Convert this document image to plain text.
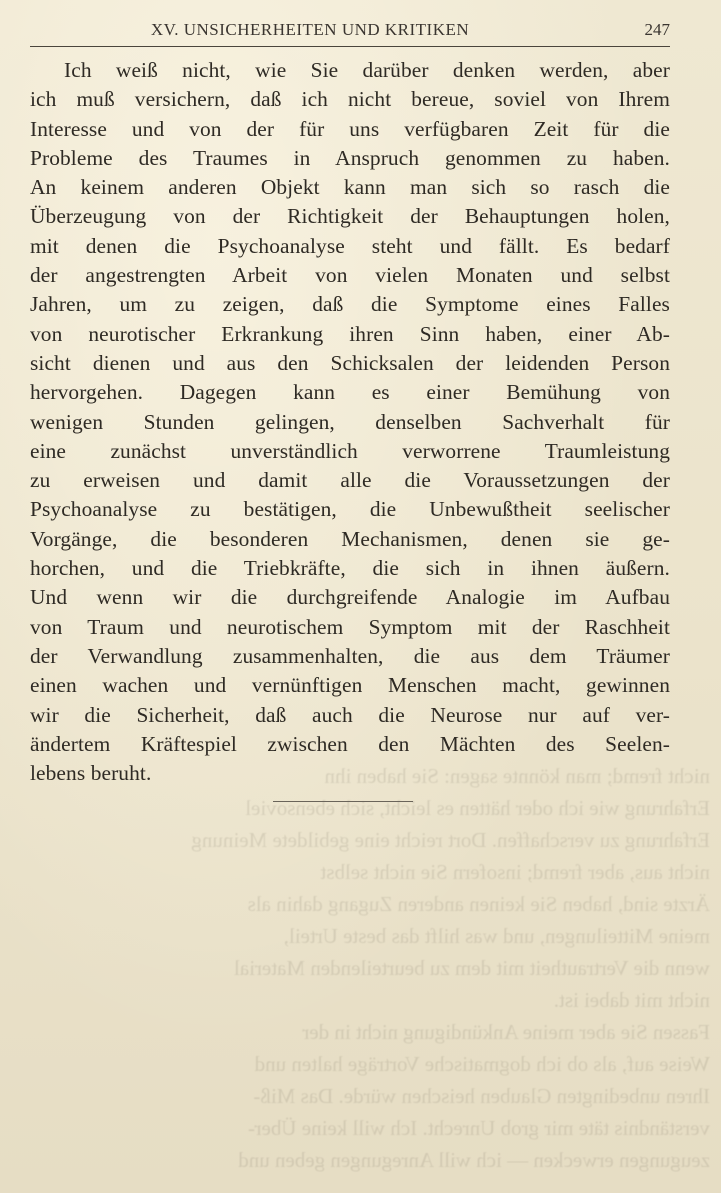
nicht fremd; man könnte sagen: Sie haben ihn

Erfahrung wie ich oder hätten es leicht, sich ebensoviel

Erfahrung zu verschaffen. Dort reicht eine gebildete Meinung

nicht aus, aber fremd; insofern Sie nicht selbst

Ärzte sind, haben Sie keinen anderen Zugang dahin als

meine Mitteilungen, und was hilft das beste Urteil,

wenn die Vertrautheit mit dem zu beurteilenden Material

nicht mit dabei ist.

Fassen Sie aber meine Ankündigung nicht in der

Weise auf, als ob ich dogmatische Vorträge halten und

Ihren unbedingten Glauben heischen würde. Das Miß-

verständnis täte mir grob Unrecht. Ich will keine Über-

zeugungen erwecken — ich will Anregungen geben und

XV. UNSICHERHEITEN UND KRITIKEN	247
Ich weiß nicht, wie Sie darüber denken werden, aber
ich muß versichern, daß ich nicht bereue, soviel von Ihrem
Interesse und von der für uns verfügbaren Zeit für die
Probleme des Traumes in Anspruch genommen zu haben.
An keinem anderen Objekt kann man sich so rasch die
Überzeugung von der Richtigkeit der Behauptungen holen,
mit denen die Psychoanalyse steht und fällt. Es bedarf
der angestrengten Arbeit von vielen Monaten und selbst
Jahren, um zu zeigen, daß die Symptome eines Falles
von neurotischer Erkrankung ihren Sinn haben, einer Ab-
sicht dienen und aus den Schicksalen der leidenden Person
hervorgehen. Dagegen kann es einer Bemühung von
wenigen Stunden gelingen, denselben Sachverhalt für
eine zunächst unverständlich verworrene Traumleistung
zu erweisen und damit alle die Voraussetzungen der
Psychoanalyse zu bestätigen, die Unbewußtheit seelischer
Vorgänge, die besonderen Mechanismen, denen sie ge-
horchen, und die Triebkräfte, die sich in ihnen äußern.
Und wenn wir die durchgreifende Analogie im Aufbau
von Traum und neurotischem Symptom mit der Raschheit
der Verwandlung zusammenhalten, die aus dem Träumer
einen wachen und vernünftigen Menschen macht, gewinnen
wir die Sicherheit, daß auch die Neurose nur auf ver-
ändertem Kräftespiel zwischen den Mächten des Seelen-
lebens beruht.
